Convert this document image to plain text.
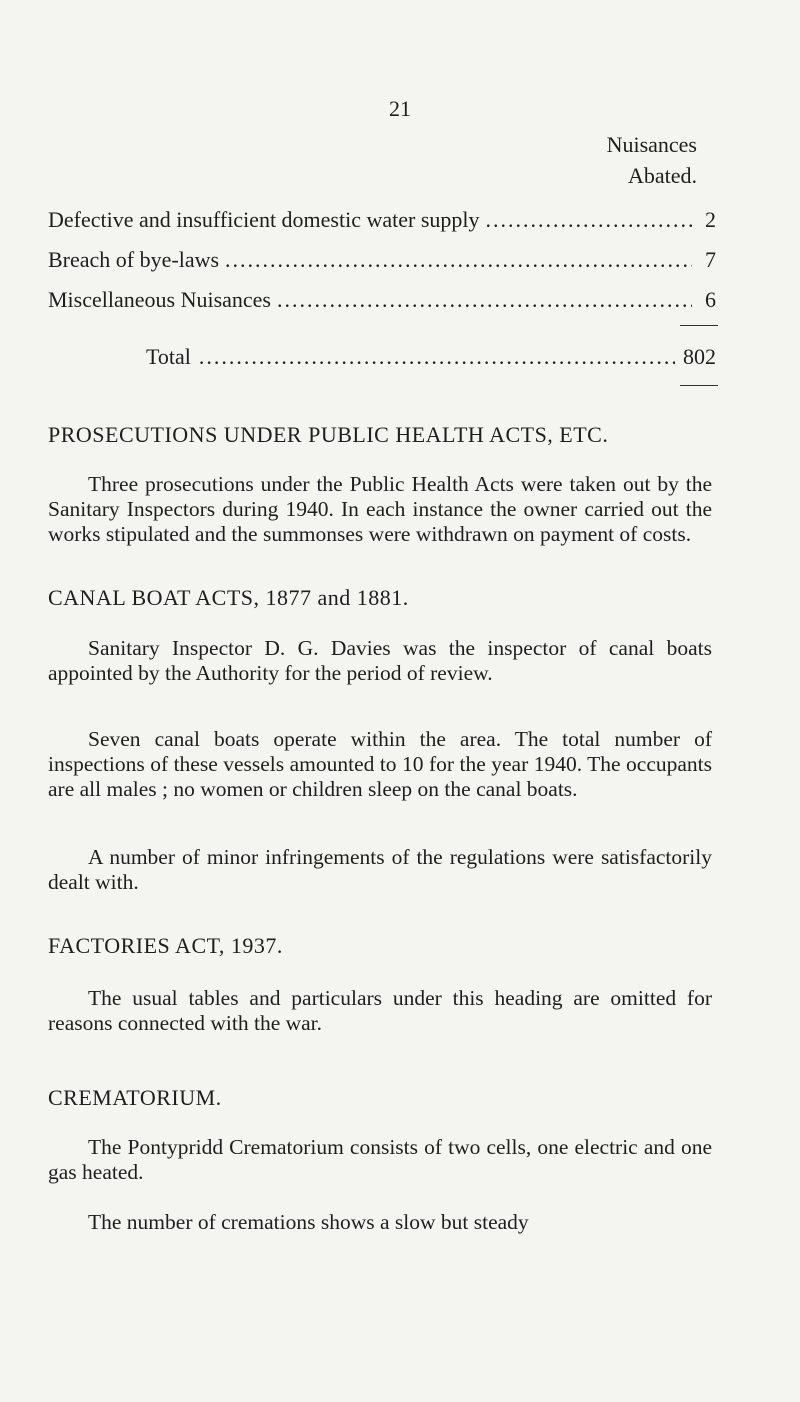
21
Nuisances
Abated.
Defective and insufficient domestic water supply .....	2
Breach of bye-laws .....	7
Miscellaneous Nuisances .....	6
Total .....	802
PROSECUTIONS UNDER PUBLIC HEALTH ACTS, ETC.

Three prosecutions under the Public Health Acts were taken out by the Sanitary Inspectors during 1940. In each instance the owner carried out the works stipulated and the summonses were withdrawn on payment of costs.

CANAL BOAT ACTS, 1877 and 1881.

Sanitary Inspector D. G. Davies was the inspector of canal boats appointed by the Authority for the period of review.

Seven canal boats operate within the area. The total number of inspections of these vessels amounted to 10 for the year 1940. The occupants are all males ; no women or children sleep on the canal boats.

A number of minor infringements of the regulations were satisfactorily dealt with.

FACTORIES ACT, 1937.

The usual tables and particulars under this heading are omitted for reasons connected with the war.

CREMATORIUM.

The Pontypridd Crematorium consists of two cells, one electric and one gas heated.

The number of cremations shows a slow but steady
